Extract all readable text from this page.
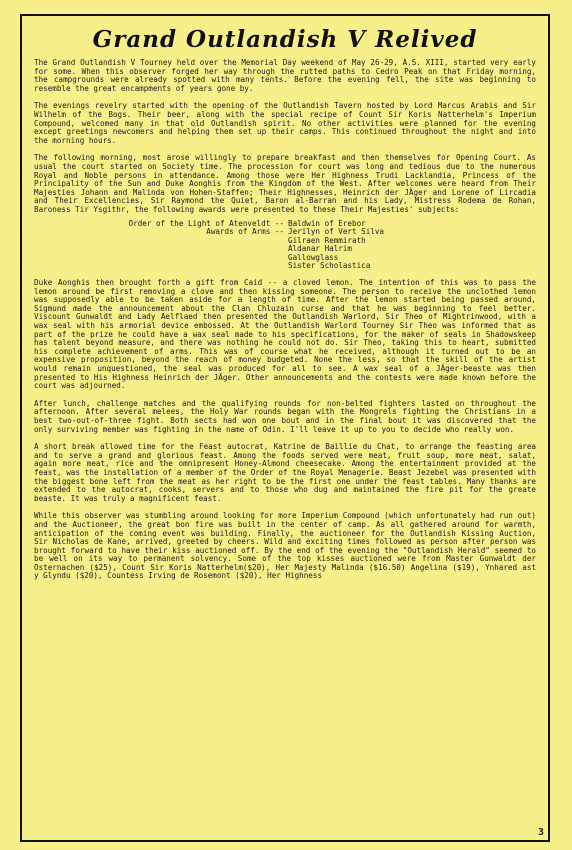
Grand Outlandish V Relived

The Grand Outlandish V Tourney held over the Memorial Day weekend of May 26-29, A.S. XIII, started very early for some. When this observer forged her way through the rutted paths to Cedro Peak on that Friday morning, the campgrounds were already spotted with many tents. Before the evening fell, the site was beginning to resemble the great encampments of years gone by.

The evenings revelry started with the opening of the Outlandish Tavern hosted by Lord Marcus Arabis and Sir Wilhelm of the Bogs. Their beer, along with the special recipe of Count Sir Koris Natterhelm's Imperium Compound, welcomed many in that old Outlandish spirit. No other activities were planned for the evening except greetings newcomers and helping them set up their camps. This continued throughout the night and into the morning hours.

The following morning, most arose willingly to prepare breakfast and then themselves for Opening Court. As usual the court started on Society time. The procession for court was long and tedious due to the numerous Royal and Noble persons in attendance. Among those were Her Highness Trudi Lacklandia, Princess of the Principality of the Sun and Duke Aonghis from the Kingdom of the West. After welcomes were heard from Their Majesties Johann and Malinda von Hohen-Staffen; Their Highnesses, Heinrich der JÄger and Lorene of Lircadia and Their Excellencies, Sir Raymond the Quiet, Baron al-Barran and his Lady, Mistress Rodema de Rohan, Baroness Tir Ysgithr, the following awards were presented to these Their Majesties' subjects:

Order of the Light of Atenveldt -- Baldwin of Erebor
Awards of Arms -- Jerilyn of Vert Silva
Gilraen Remmirath
Aldanar Halrim
Gallowglass
Sister Scholastica

Duke Aonghis then brought forth a gift from Caid -- a cloved lemon. The intention of this was to pass the lemon around be first removing a clove and then kissing someone. The person to receive the unclothed lemon was supposedly able to be taken aside for a length of time. After the lemon started being passed around, Sigmund made the announcement about the Clan Chluzain curse and that he was beginning to feel better. Viscount Gunwaldt and Lady Aelflaed then presented the Outlandish Warlord, Sir Theo of Mightrinwood, with a wax seal with his armorial device embossed. At the Outlandish Warlord Tourney Sir Theo was informed that as part of the prize he could have a wax seal made to his specifications, for the maker of seals in Shadowskeep has talent beyond measure, and there was nothing he could not do. Sir Theo, taking this to heart, submitted his complete achievement of arms. This was of course what he received, although it turned out to be an expensive proposition, beyond the reach of money budgeted. None the less, so that the skill of the artist would remain unquestioned, the seal was produced for all to see. A wax seal of a JÄger-beaste was then presented to His Highness Heinrich der JÄger. Other announcements and the contests were made known before the court was adjourned.

After lunch, challenge matches and the qualifying rounds for non-belted fighters lasted on throughout the afternoon. After several melees, the Holy War rounds began with the Mongrels fighting the Christians in a best two-out-of-three fight. Both sects had won one bout and in the final bout it was discovered that the only surviving member was fighting in the name of Odin. I'll leave it up to you to decide who really won.

A short break allowed time for the Feast autocrat, Katrine de Baillie du Chat, to arrange the feasting area and to serve a grand and glorious feast. Among the foods served were meat, fruit soup, more meat, salat, again more meat, rice and the omnipresent Honey-Almond cheesecake. Among the entertainment provided at the feast, was the installation of a member of the Order of the Royal Menagerie. Beast Jezebel was presented with the biggest bone left from the meat as her right to be the first one under the feast tables. Many thanks are extended to the autocrat, cooks, servers and to those who dug and maintained the fire pit for the greate beaste. It was truly a magnificent feast.

While this observer was stumbling around looking for more Imperium Compound (which unfortunately had run out) and the Auctioneer, the great bon fire was built in the center of camp. As all gathered around for warmth, anticipation of the coming event was building. Finally, the auctioneer for the Outlandish Kissing Auction, Sir Nicholas de Kane, arrived, greeted by cheers. Wild and exciting times followed as person after person was brought forward to have their kiss auctioned off. By the end of the evening the "Outlandish Herald" seemed to be well on its way to permanent solvency. Some of the top kisses auctioned were from Master Gunwaldt der Osternachen ($25), Count Sir Koris Natterhelm($20), Her Majesty Malinda ($16.50) Angelina ($19), Ynhared ast y Glyndu ($20), Countess Irving de Rosemont ($20), Her Highness

3
